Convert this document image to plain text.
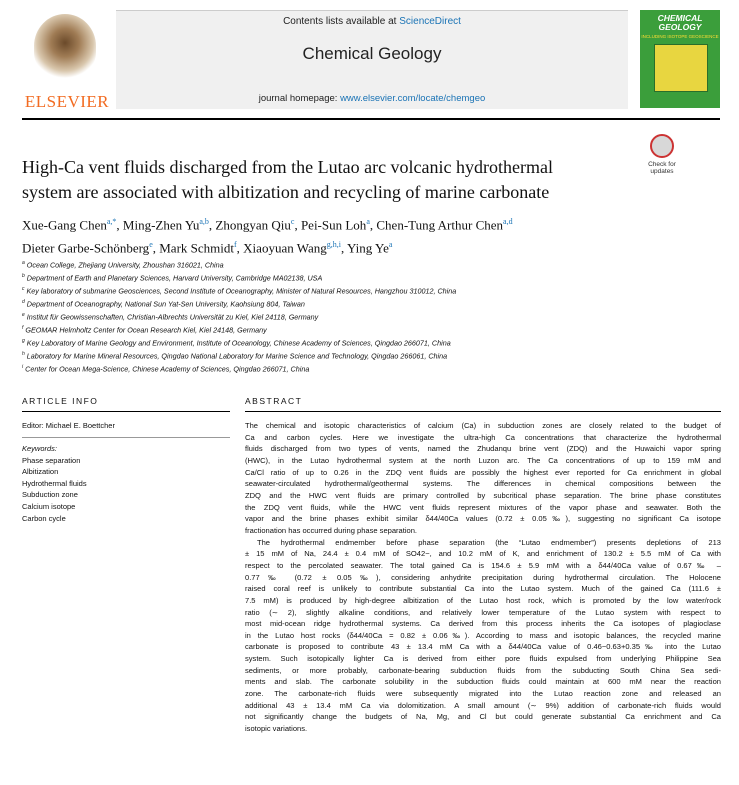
ELSEVIER
Contents lists available at ScienceDirect
Chemical Geology
journal homepage: www.elsevier.com/locate/chemgeo
CHEMICAL GEOLOGY
INCLUDING ISOTOPE GEOSCIENCE
Check for updates
High-Ca vent fluids discharged from the Lutao arc volcanic hydrothermal
system are associated with albitization and recycling of marine carbonate
Xue-Gang Chen$^{a,*}$, Ming-Zhen Yu$^{a,b}$, Zhongyan Qiu$^c$, Pei-Sun Loh$^a$, Chen-Tung Arthur Chen$^{a,d}$
Dieter Garbe-Schönberg$^e$, Mark Schmidt$^f$, Xiaoyuan Wang$^{g,h,i}$, Ying Ye$^a$
$^a$ Ocean College, Zhejiang University, Zhoushan 316021, China
$^b$ Department of Earth and Planetary Sciences, Harvard University, Cambridge MA02138, USA
$^c$ Key laboratory of submarine Geosciences, Second Institute of Oceanography, Minister of Natural Resources, Hangzhou 310012, China
$^d$ Department of Oceanography, National Sun Yat-Sen University, Kaohsiung 804, Taiwan
$^e$ Institut für Geowissenschaften, Christian-Albrechts Universität zu Kiel, Kiel 24118, Germany
$^f$ GEOMAR Helmholtz Center for Ocean Research Kiel, Kiel 24148, Germany
$^g$ Key Laboratory of Marine Geology and Environment, Institute of Oceanology, Chinese Academy of Sciences, Qingdao 266071, China
$^h$ Laboratory for Marine Mineral Resources, Qingdao National Laboratory for Marine Science and Technology, Qingdao 266061, China
$^i$ Center for Ocean Mega-Science, Chinese Academy of Sciences, Qingdao 266071, China
ARTICLE INFO
Editor: Michael E. Boettcher
Keywords:
Phase separation
Albitization
Hydrothermal fluids
Subduction zone
Calcium isotope
Carbon cycle
ABSTRACT
The chemical and isotopic characteristics of calcium (Ca) in subduction zones are closely related to the budget of
Ca and carbon cycles. Here we investigate the ultra-high Ca concentrations that characterize the hydrothermal
fluids discharged from two types of vents, named the Zhudanqu brine vent (ZDQ) and the Huwaichi vapor spring
(HWC), in the Lutao hydrothermal system at the north Luzon arc. The Ca concentrations of up to 159 mM and
Ca/Cl ratio of up to 0.26 in the ZDQ vent fluids are possibly the highest ever reported for Ca enrichment in global
seawater-circulated hydrothermal/geothermal systems. The differences in chemical compositions between the
ZDQ and the HWC vent fluids are primary controlled by subcritical phase separation. The brine phase constitutes
the ZDQ vent fluids, while the HWC vent fluids represent mixtures of the vapor phase and seawater. Both the
vapor and the brine phases exhibit similar δ44/40Ca values (0.72 ± 0.05‰), suggesting no significant Ca isotope
fractionation has occurred during phase separation.
The hydrothermal endmember before phase separation (the “Lutao endmember”) presents depletions of 213
± 15 mM of Na, 24.4 ± 0.4 mM of SO42−, and 10.2 mM of K, and enrichment of 130.2 ± 5.5 mM of Ca with
respect to the percolated seawater. The total gained Ca is 154.6 ± 5.9 mM with a δ44/40Ca value of 0.67‰ –
0.77‰ (0.72 ± 0.05‰), considering anhydrite precipitation during hydrothermal circulation. The Holocene
raised coral reef is unlikely to contribute substantial Ca into the Lutao system. Much of the gained Ca (111.6 ±
7.5 mM) is produced by high-degree albitization of the Lutao host rock, which is promoted by the low water/rock
ratio (∼ 2), slightly alkaline conditions, and relatively lower temperature of the Lutao system with respect to
most mid-ocean ridge hydrothermal systems. Ca derived from this process inherits the Ca isotopes of plagioclase
in the Lutao host rocks (δ44/40Ca = 0.82 ± 0.06‰). According to mass and isotopic balances, the recycled marine
carbonate is proposed to contribute 43 ± 13.4 mM Ca with a δ44/40Ca value of 0.46−0.63+0.35‰ into the Lutao
system. Such isotopically lighter Ca is derived from either pore fluids expulsed from underlying Philippine Sea
sediments, or more probably, carbonate-bearing subduction fluids from the subducting South China Sea sedi-
ments and slab. The carbonate solubility in the subduction fluids could maintain at 600 mM near the reaction
zone. The carbonate-rich fluids were subsequently migrated into the Lutao reaction zone and released an
additional 43 ± 13.4 mM Ca via dolomitization. A small amount (∼ 9%) addition of carbonate-rich fluids would
not significantly change the budgets of Na, Mg, and Cl but could generate substantial Ca enrichment and Ca
isotopic variations.
